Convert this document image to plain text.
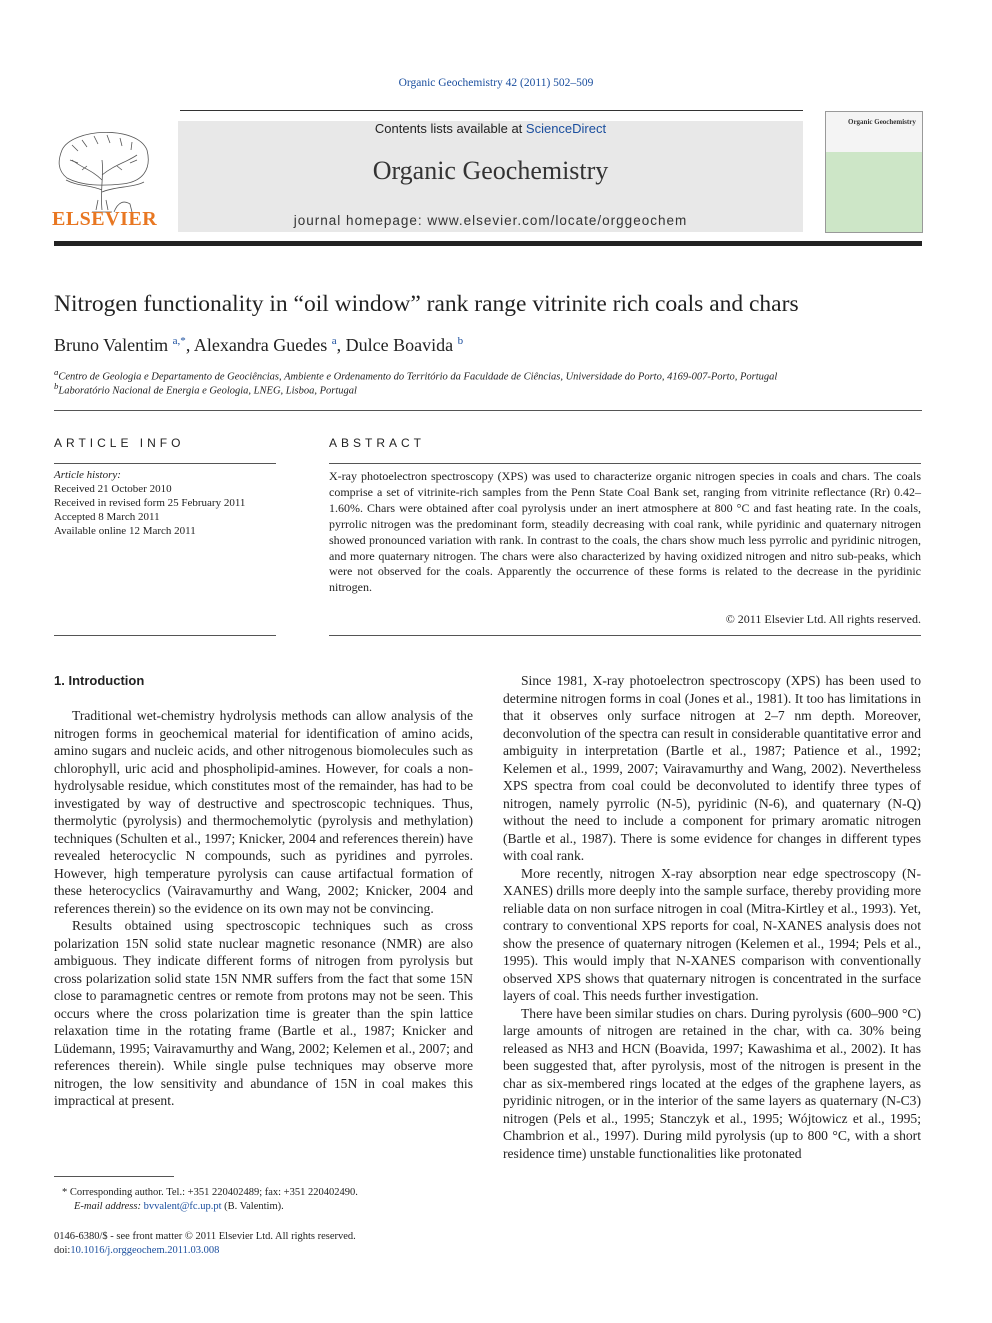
Organic Geochemistry 42 (2011) 502–509
ELSEVIER
Contents lists available at ScienceDirect
Organic Geochemistry
journal homepage: www.elsevier.com/locate/orggeochem
Organic Geochemistry
Nitrogen functionality in “oil window” rank range vitrinite rich coals and chars
Bruno Valentim $^{a,*}$, Alexandra Guedes $^a$, Dulce Boavida $^b$
$^a$Centro de Geologia e Departamento de Geociências, Ambiente e Ordenamento do Território da Faculdade de Ciências, Universidade do Porto, 4169-007-Porto, Portugal
$^b$Laboratório Nacional de Energia e Geologia, LNEG, Lisboa, Portugal
ARTICLE INFO
Article history:
Received 21 October 2010
Received in revised form 25 February 2011
Accepted 8 March 2011
Available online 12 March 2011
ABSTRACT
X-ray photoelectron spectroscopy (XPS) was used to characterize organic nitrogen species in coals and chars. The coals comprise a set of vitrinite-rich samples from the Penn State Coal Bank set, ranging from vitrinite reflectance (Rr) 0.42–1.60%. Chars were obtained after coal pyrolysis under an inert atmosphere at 800 °C and fast heating rate. In the coals, pyrrolic nitrogen was the predominant form, steadily decreasing with coal rank, while pyridinic and quaternary nitrogen showed pronounced variation with rank. In contrast to the coals, the chars show much less pyrrolic and pyridinic nitrogen, and more quaternary nitrogen. The chars were also characterized by having oxidized nitrogen and nitro sub-peaks, which were not observed for the coals. Apparently the occurrence of these forms is related to the decrease in the pyridinic nitrogen.
© 2011 Elsevier Ltd. All rights reserved.
1. Introduction

Traditional wet-chemistry hydrolysis methods can allow analysis of the nitrogen forms in geochemical material for identification of amino acids, amino sugars and nucleic acids, and other nitrogenous biomolecules such as chlorophyll, uric acid and phospholipid-amines. However, for coals a non-hydrolysable residue, which constitutes most of the remainder, has had to be investigated by way of destructive and spectroscopic techniques. Thus, thermolytic (pyrolysis) and thermochemolytic (pyrolysis and methylation) techniques (Schulten et al., 1997; Knicker, 2004 and references therein) have revealed heterocyclic N compounds, such as pyridines and pyrroles. However, high temperature pyrolysis can cause artifactual formation of these heterocyclics (Vairavamurthy and Wang, 2002; Knicker, 2004 and references therein) so the evidence on its own may not be convincing.

Results obtained using spectroscopic techniques such as cross polarization 15N solid state nuclear magnetic resonance (NMR) are also ambiguous. They indicate different forms of nitrogen from pyrolysis but cross polarization solid state 15N NMR suffers from the fact that some 15N close to paramagnetic centres or remote from protons may not be seen. This occurs where the cross polarization time is greater than the spin lattice relaxation time in the rotating frame (Bartle et al., 1987; Knicker and Lüdemann, 1995; Vairavamurthy and Wang, 2002; Kelemen et al., 2007; and references therein). While single pulse techniques may observe more nitrogen, the low sensitivity and abundance of 15N in coal makes this impractical at present.

Since 1981, X-ray photoelectron spectroscopy (XPS) has been used to determine nitrogen forms in coal (Jones et al., 1981). It too has limitations in that it observes only surface nitrogen at 2–7 nm depth. Moreover, deconvolution of the spectra can result in considerable quantitative error and ambiguity in interpretation (Bartle et al., 1987; Patience et al., 1992; Kelemen et al., 1999, 2007; Vairavamurthy and Wang, 2002). Nevertheless XPS spectra from coal could be deconvoluted to identify three types of nitrogen, namely pyrrolic (N-5), pyridinic (N-6), and quaternary (N-Q) without the need to include a component for primary aromatic nitrogen (Bartle et al., 1987). There is some evidence for changes in different types with coal rank.

More recently, nitrogen X-ray absorption near edge spectroscopy (N-XANES) drills more deeply into the sample surface, thereby providing more reliable data on non surface nitrogen in coal (Mitra-Kirtley et al., 1993). Yet, contrary to conventional XPS reports for coal, N-XANES analysis does not show the presence of quaternary nitrogen (Kelemen et al., 1994; Pels et al., 1995). This would imply that N-XANES comparison with conventionally observed XPS shows that quaternary nitrogen is concentrated in the surface layers of coal. This needs further investigation.

There have been similar studies on chars. During pyrolysis (600–900 °C) large amounts of nitrogen are retained in the char, with ca. 30% being released as NH3 and HCN (Boavida, 1997; Kawashima et al., 2002). It has been suggested that, after pyrolysis, most of the nitrogen is present in the char as six-membered rings located at the edges of the graphene layers, as pyridinic nitrogen, or in the interior of the same layers as quaternary (N-C3) nitrogen (Pels et al., 1995; Stanczyk et al., 1995; Wójtowicz et al., 1995; Chambrion et al., 1997). During mild pyrolysis (up to 800 °C, with a short residence time) unstable functionalities like protonated

* Corresponding author. Tel.: +351 220402489; fax: +351 220402490.
E-mail address: bvvalent@fc.up.pt (B. Valentim).
0146-6380/$ - see front matter © 2011 Elsevier Ltd. All rights reserved.
doi:10.1016/j.orggeochem.2011.03.008
